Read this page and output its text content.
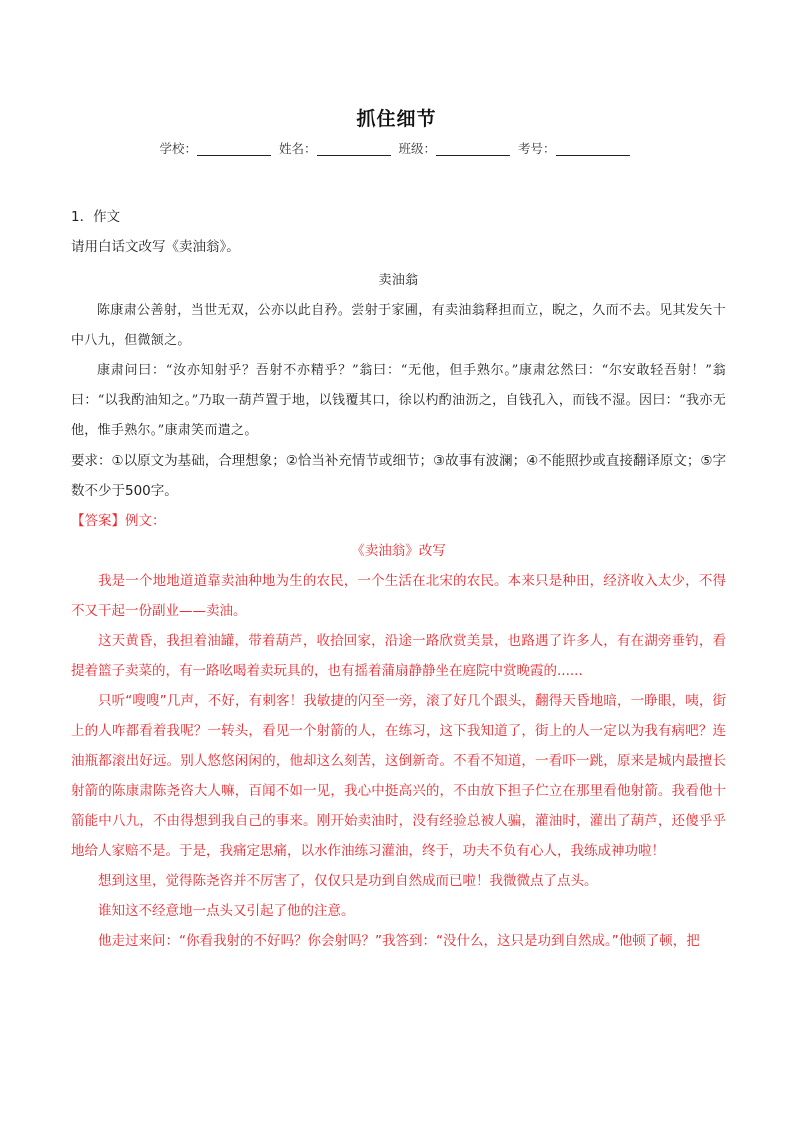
抓住细节
学校：	姓名：	班级：	考号：

1．作文

请用白话文改写《卖油翁》。

卖油翁

陈康肃公善射，当世无双，公亦以此自矜。尝射于家圃，有卖油翁释担而立，睨之，久而不去。见其发矢十中八九，但微颔之。

康肃问曰：“汝亦知射乎？吾射不亦精乎？”翁曰：“无他，但手熟尔。”康肃忿然曰：“尔安敢轻吾射！”翁曰：“以我酌油知之。”乃取一葫芦置于地，以钱覆其口，徐以杓酌油沥之，自钱孔入，而钱不湿。因曰：“我亦无他，惟手熟尔。”康肃笑而遣之。

要求：①以原文为基础，合理想象；②恰当补充情节或细节；③故事有波澜；④不能照抄或直接翻译原文；⑤字数不少于500字。

【答案】例文：

《卖油翁》改写

我是一个地地道道靠卖油种地为生的农民，一个生活在北宋的农民。本来只是种田，经济收入太少，不得不又干起一份副业——卖油。

这天黄昏，我担着油罐，带着葫芦，收拾回家，沿途一路欣赏美景，也路遇了许多人，有在湖旁垂钓，看提着篮子卖菜的，有一路吆喝着卖玩具的，也有摇着蒲扇静静坐在庭院中赏晚霞的......

只听“嗖嗖”几声，不好，有刺客！我敏捷的闪至一旁，滚了好几个跟头，翻得天昏地暗，一睁眼，咦，街上的人咋都看着我呢？一转头，看见一个射箭的人，在练习，这下我知道了，街上的人一定以为我有病吧？连油瓶都滚出好远。别人悠悠闲闲的，他却这么刻苦，这倒新奇。不看不知道，一看吓一跳，原来是城内最擅长射箭的陈康肃陈尧咨大人嘛，百闻不如一见，我心中挺高兴的，不由放下担子伫立在那里看他射箭。我看他十箭能中八九，不由得想到我自己的事来。刚开始卖油时，没有经验总被人骗，灌油时，灌出了葫芦，还傻乎乎地给人家赔不是。于是，我痛定思痛，以水作油练习灌油，终于，功夫不负有心人，我练成神功啦！

想到这里，觉得陈尧咨并不厉害了，仅仅只是功到自然成而已啦！我微微点了点头。

谁知这不经意地一点头又引起了他的注意。

他走过来问：“你看我射的不好吗？你会射吗？”我答到：“没什么，这只是功到自然成。”他顿了顿，把
